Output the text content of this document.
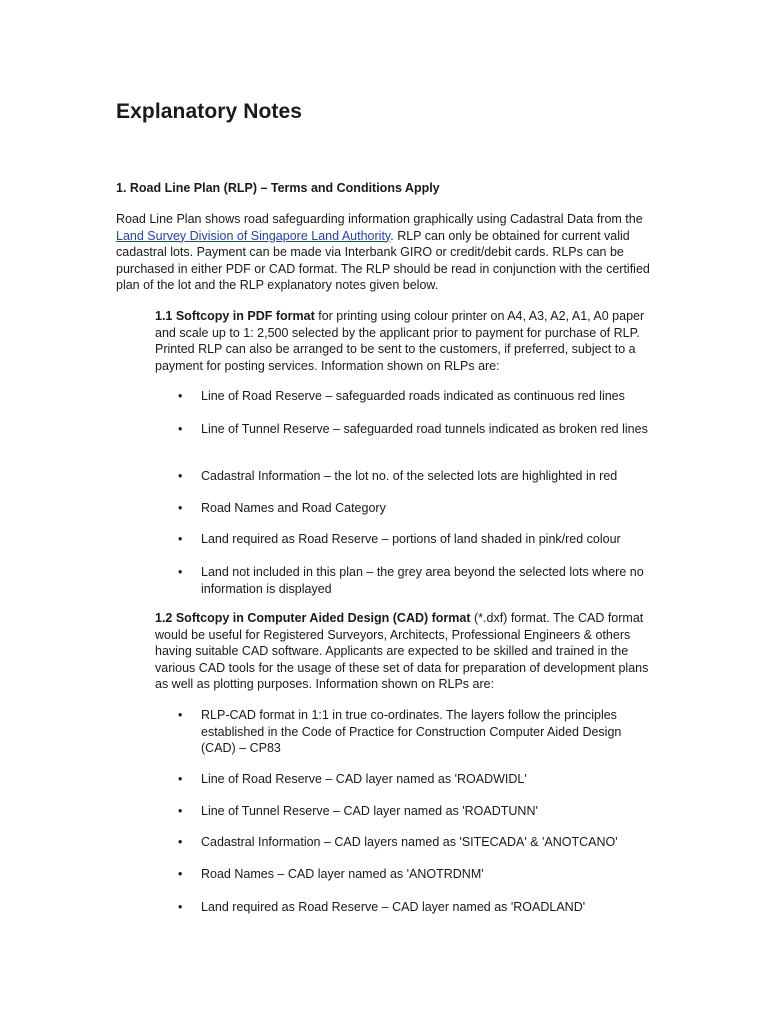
Explanatory Notes
1. Road Line Plan (RLP) – Terms and Conditions Apply

Road Line Plan shows road safeguarding information graphically using Cadastral Data from the Land Survey Division of Singapore Land Authority. RLP can only be obtained for current valid cadastral lots. Payment can be made via Interbank GIRO or credit/debit cards. RLPs can be purchased in either PDF or CAD format. The RLP should be read in conjunction with the certified plan of the lot and the RLP explanatory notes given below.

1.1 Softcopy in PDF format for printing using colour printer on A4, A3, A2, A1, A0 paper and scale up to 1: 2,500 selected by the applicant prior to payment for purchase of RLP. Printed RLP can also be arranged to be sent to the customers, if preferred, subject to a payment for posting services. Information shown on RLPs are:

• Line of Road Reserve – safeguarded roads indicated as continuous red lines
• Line of Tunnel Reserve – safeguarded road tunnels indicated as broken red lines
• Cadastral Information – the lot no. of the selected lots are highlighted in red
• Road Names and Road Category
• Land required as Road Reserve – portions of land shaded in pink/red colour
• Land not included in this plan – the grey area beyond the selected lots where no information is displayed

1.2 Softcopy in Computer Aided Design (CAD) format (*.dxf) format. The CAD format would be useful for Registered Surveyors, Architects, Professional Engineers & others having suitable CAD software. Applicants are expected to be skilled and trained in the various CAD tools for the usage of these set of data for preparation of development plans as well as plotting purposes. Information shown on RLPs are:

• RLP-CAD format in 1:1 in true co-ordinates. The layers follow the principles established in the Code of Practice for Construction Computer Aided Design (CAD) – CP83
• Line of Road Reserve – CAD layer named as 'ROADWIDL'
• Line of Tunnel Reserve – CAD layer named as 'ROADTUNN'
• Cadastral Information – CAD layers named as 'SITECADA' & 'ANOTCANO'
• Road Names – CAD layer named as 'ANOTRDNM'
• Land required as Road Reserve – CAD layer named as 'ROADLAND'
